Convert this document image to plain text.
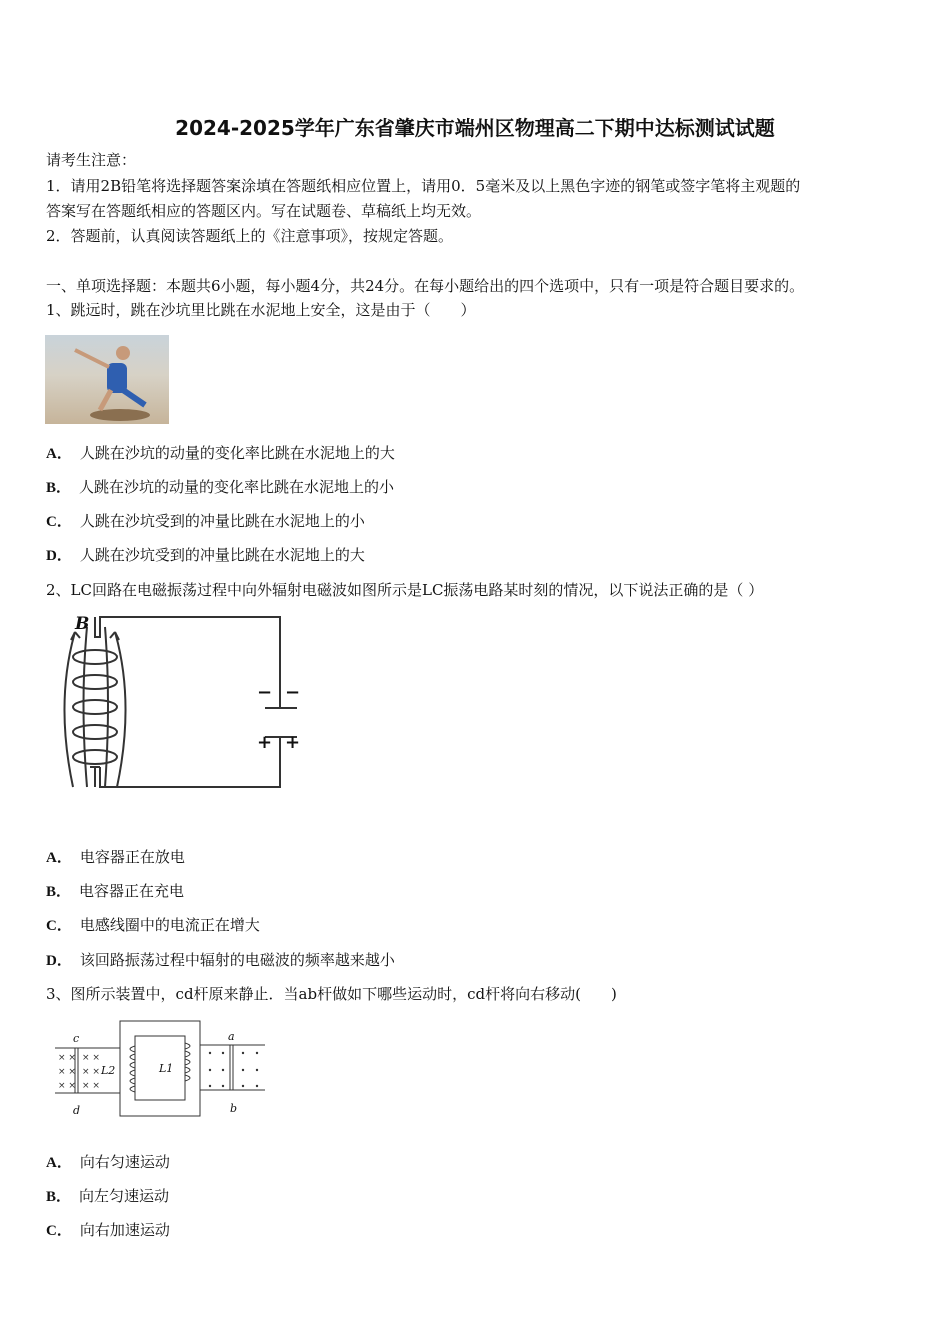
2024-2025学年广东省肇庆市端州区物理高二下期中达标测试试题
请考生注意：
1．请用2B铅笔将选择题答案涂填在答题纸相应位置上，请用0．5毫米及以上黑色字迹的钢笔或签字笔将主观题的
答案写在答题纸相应的答题区内。写在试题卷、草稿纸上均无效。
2．答题前，认真阅读答题纸上的《注意事项》，按规定答题。
一、单项选择题：本题共6小题，每小题4分，共24分。在每小题给出的四个选项中，只有一项是符合题目要求的。
1、跳远时，跳在沙坑里比跳在水泥地上安全，这是由于（　　）
A． 人跳在沙坑的动量的变化率比跳在水泥地上的大
B． 人跳在沙坑的动量的变化率比跳在水泥地上的小
C． 人跳在沙坑受到的冲量比跳在水泥地上的小
D． 人跳在沙坑受到的冲量比跳在水泥地上的大
2、LC回路在电磁振荡过程中向外辐射电磁波如图所示是LC振荡电路某时刻的情况，以下说法正确的是（ ）
B
− −
+ +
A． 电容器正在放电
B． 电容器正在充电
C． 电感线圈中的电流正在增大
D． 该回路振荡过程中辐射的电磁波的频率越来越小
3、图所示装置中，cd杆原来静止．当ab杆做如下哪些运动时，cd杆将向右移动(　　)
× × × ×
× × × ×
× × × ×
c
d
a
b
L2	L1
A． 向右匀速运动
B． 向左匀速运动
C． 向右加速运动
